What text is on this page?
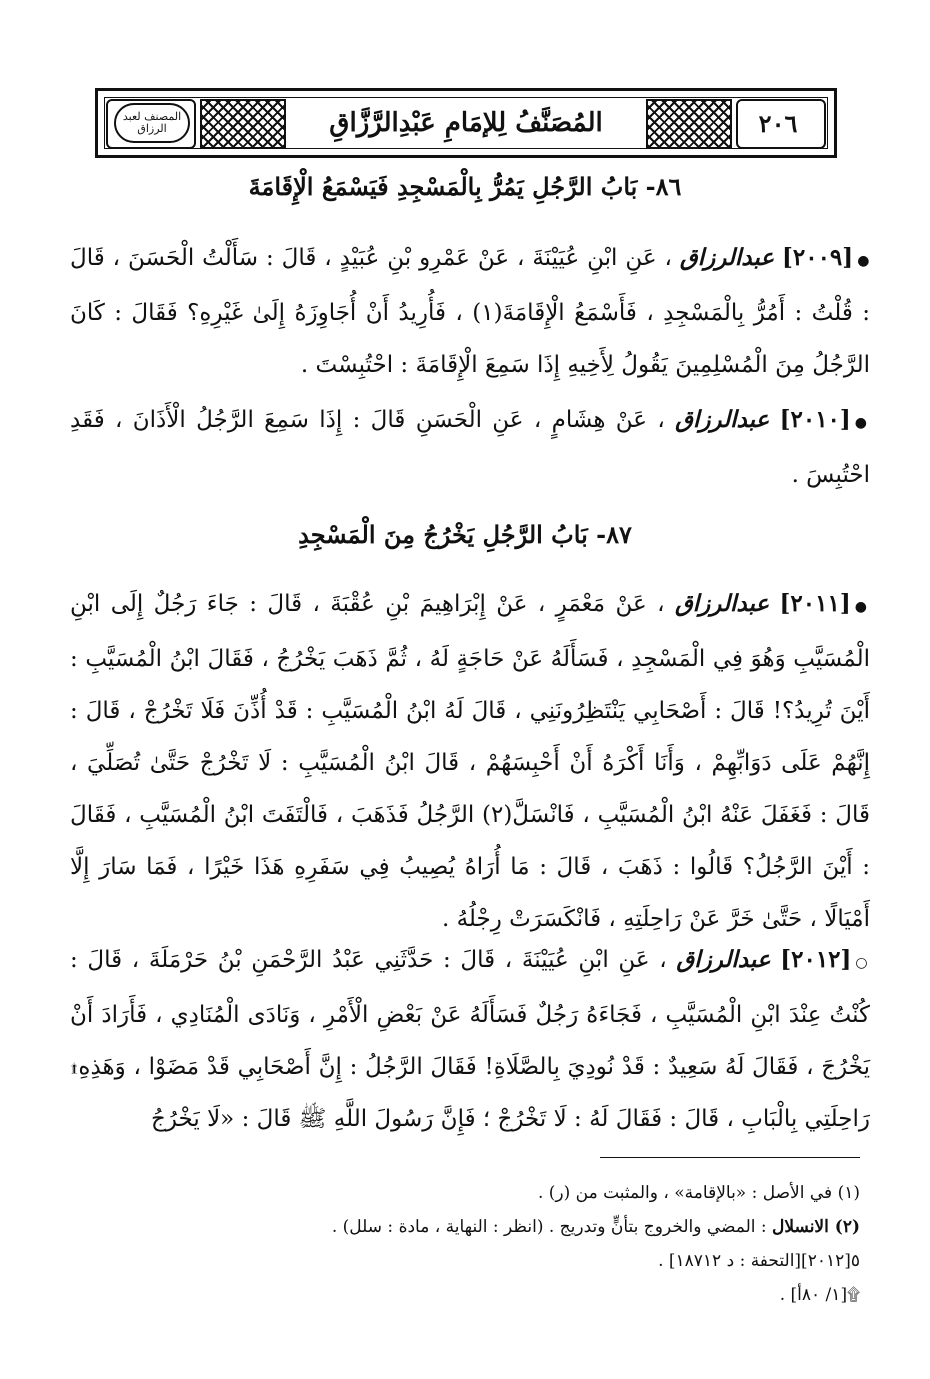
٢٠٦
المصنف لعبد الرزاق	المُصَنَّفُ لِلإمَامِ عَبْدِالرَّزَّاقِ
٨٦- بَابُ الرَّجُلِ يَمُرُّ بِالْمَسْجِدِ فَيَسْمَعُ الْإِقَامَةَ
●[٢٠٠٩] عبدالرزاق ، عَنِ ابْنِ عُيَيْنَةَ ، عَنْ عَمْرِو بْنِ عُبَيْدٍ ، قَالَ : سَأَلْتُ الْحَسَنَ ، قَالَ : قُلْتُ : أَمُرُّ بِالْمَسْجِدِ ، فَأَسْمَعُ الْإِقَامَةَ(١) ، فَأُرِيدُ أَنْ أُجَاوِزَهُ إِلَىٰ غَيْرِهِ؟ فَقَالَ : كَانَ الرَّجُلُ مِنَ الْمُسْلِمِينَ يَقُولُ لِأَخِيهِ إِذَا سَمِعَ الْإِقَامَةَ : احْتُبِسْتَ .
●[٢٠١٠] عبدالرزاق ، عَنْ هِشَامٍ ، عَنِ الْحَسَنِ قَالَ : إِذَا سَمِعَ الرَّجُلُ الْأَذَانَ ، فَقَدِ احْتُبِسَ .
٨٧- بَابُ الرَّجُلِ يَخْرُجُ مِنَ الْمَسْجِدِ
●[٢٠١١] عبدالرزاق ، عَنْ مَعْمَرٍ ، عَنْ إِبْرَاهِيمَ بْنِ عُقْبَةَ ، قَالَ : جَاءَ رَجُلٌ إِلَى ابْنِ الْمُسَيَّبِ وَهُوَ فِي الْمَسْجِدِ ، فَسَأَلَهُ عَنْ حَاجَةٍ لَهُ ، ثُمَّ ذَهَبَ يَخْرُجُ ، فَقَالَ ابْنُ الْمُسَيَّبِ : أَيْنَ تُرِيدُ؟! قَالَ : أَصْحَابِي يَنْتَظِرُونَنِي ، قَالَ لَهُ ابْنُ الْمُسَيَّبِ : قَدْ أُذِّنَ فَلَا تَخْرُجْ ، قَالَ : إِنَّهُمْ عَلَى دَوَابِّهِمْ ، وَأَنَا أَكْرَهُ أَنْ أَحْبِسَهُمْ ، قَالَ ابْنُ الْمُسَيَّبِ : لَا تَخْرُجْ حَتَّىٰ تُصَلِّيَ ، قَالَ : فَغَفَلَ عَنْهُ ابْنُ الْمُسَيَّبِ ، فَانْسَلَّ(٢) الرَّجُلُ فَذَهَبَ ، فَالْتَفَتَ ابْنُ الْمُسَيَّبِ ، فَقَالَ : أَيْنَ الرَّجُلُ؟ قَالُوا : ذَهَبَ ، قَالَ : مَا أُرَاهُ يُصِيبُ فِي سَفَرِهِ هَذَا خَيْرًا ، فَمَا سَارَ إِلَّا أَمْيَالًا ، حَتَّىٰ خَرَّ عَنْ رَاحِلَتِهِ ، فَانْكَسَرَتْ رِجْلُهُ .
○[٢٠١٢] عبدالرزاق ، عَنِ ابْنِ عُيَيْنَةَ ، قَالَ : حَدَّثَنِي عَبْدُ الرَّحْمَنِ بْنُ حَرْمَلَةَ ، قَالَ : كُنْتُ عِنْدَ ابْنِ الْمُسَيَّبِ ، فَجَاءَهُ رَجُلٌ فَسَأَلَهُ عَنْ بَعْضِ الْأَمْرِ ، وَنَادَى الْمُنَادِي ، فَأَرَادَ أَنْ يَخْرُجَ ، فَقَالَ لَهُ سَعِيدٌ : قَدْ نُودِيَ بِالصَّلَاةِ! فَقَالَ الرَّجُلُ : إِنَّ أَصْحَابِي قَدْ مَضَوْا ، وَهَذِهِ۩ رَاحِلَتِي بِالْبَابِ ، قَالَ : فَقَالَ لَهُ : لَا تَخْرُجْ ؛ فَإِنَّ رَسُولَ اللَّهِ ﷺ قَالَ : «لَا يَخْرُجُ
(١) في الأصل : «بالإقامة» ، والمثبت من (ر) .
(٢) الانسلال : المضي والخروج بتأنٍّ وتدريج . (انظر : النهاية ، مادة : سلل) .
٥[٢٠١٢][التحفة : د ١٨٧١٢] .
۩[١/ ٨٠أ] .
